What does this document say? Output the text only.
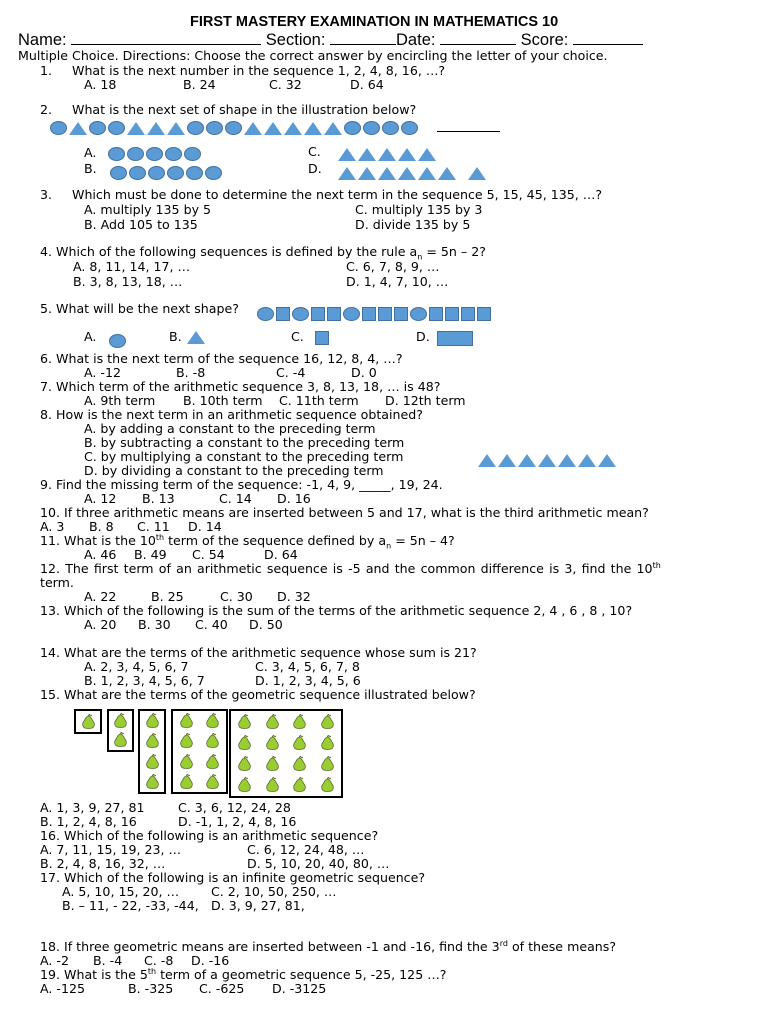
FIRST MASTERY EXAMINATION IN MATHEMATICS 10
Name:	Section:	Date:	Score:
Multiple Choice. Directions: Choose the correct answer by encircling the letter of your choice.
1. What is the next number in the sequence 1, 2, 4, 8, 16, …?
A. 18	B. 24	C. 32	D. 64
2. What is the next set of shape in the illustration below?
A.
B.
C.
D.
3. Which must be done to determine the next term in the sequence 5, 15, 45, 135, …?
A. multiply 135 by 5
B. Add 105 to 135
C. multiply 135 by 3
D. divide 135 by 5
4. Which of the following sequences is defined by the rule $a_n = 5n - 2$?
A. 8, 11, 14, 17, …
B. 3, 8, 13, 18, …
C. 6, 7, 8, 9, …
D. 1, 4, 7, 10, …
5. What will be the next shape?
A.	B.	C.	D.
6. What is the next term of the sequence 16, 12, 8, 4, …?
A. -12	B. -8	C. -4	D. 0
7. Which term of the arithmetic sequence 3, 8, 13, 18, … is 48?
A. 9th term B. 10th term C. 11th term D. 12th term
8. How is the next term in an arithmetic sequence obtained?
A. by adding a constant to the preceding term
B. by subtracting a constant to the preceding term
C. by multiplying a constant to the preceding term
D. by dividing a constant to the preceding term
9. Find the missing term of the sequence: -1, 4, 9, _____, 19, 24.
A. 12 B. 13	C. 14 D. 16
10. If three arithmetic means are inserted between 5 and 17, what is the third arithmetic mean?
A. 3 B. 8 C. 11 D. 14
11. What is the 10th term of the sequence defined by $a_n = 5n - 4$?
A. 46 B. 49 C. 54	D. 64
12. The first term of an arithmetic sequence is -5 and the common difference is 3, find the 10th
term.
A. 22	B. 25	C. 30 D. 32
13. Which of the following is the sum of the terms of the arithmetic sequence 2, 4 , 6 , 8 , 10?
A. 20 B. 30 C. 40 D. 50
14. What are the terms of the arithmetic sequence whose sum is 21?
A. 2, 3, 4, 5, 6, 7
B. 1, 2, 3, 4, 5, 6, 7
C. 3, 4, 5, 6, 7, 8
D. 1, 2, 3, 4, 5, 6
15. What are the terms of the geometric sequence illustrated below?
A. 1, 3, 9, 27, 81
B. 1, 2, 4, 8, 16
C. 3, 6, 12, 24, 28
D. -1, 1, 2, 4, 8, 16
16. Which of the following is an arithmetic sequence?
A. 7, 11, 15, 19, 23, …
B. 2, 4, 8, 16, 32, …
C. 6, 12, 24, 48, …
D. 5, 10, 20, 40, 80, …
17. Which of the following is an infinite geometric sequence?
A. 5, 10, 15, 20, …
B. – 11, - 22, -33, -44,
C. 2, 10, 50, 250, …
D. 3, 9, 27, 81,
18. If three geometric means are inserted between -1 and -16, find the 3rd of these means?
A. -2 B. -4 C. -8 D. -16
19. What is the 5th term of a geometric sequence 5, -25, 125 …?
A. -125	B. -325 C. -625 D. -3125
